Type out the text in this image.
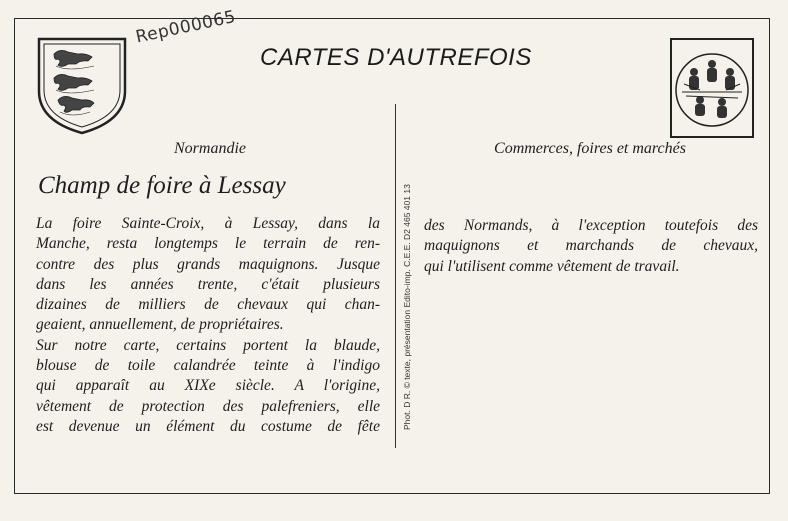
Rep000065
CARTES D'AUTREFOIS
Phot. D R. © texte, présentation Edito-imp. C.E.E. D2 465 401 13
Normandie	Commerces, foires et marchés
Champ de foire à Lessay
La foire Sainte-Croix, à Lessay, dans la
Manche, resta longtemps le terrain de ren-
contre des plus grands maquignons. Jusque
dans les années trente, c'était plusieurs
dizaines de milliers de chevaux qui chan-
geaient, annuellement, de propriétaires.
Sur notre carte, certains portent la blaude,
blouse de toile calandrée teinte à l'indigo
qui apparaît au XIXe siècle. A l'origine,
vêtement de protection des palefreniers, elle
est devenue un élément du costume de fête
des Normands, à l'exception toutefois des
maquignons et marchands de chevaux,
qui l'utilisent comme vêtement de travail.
